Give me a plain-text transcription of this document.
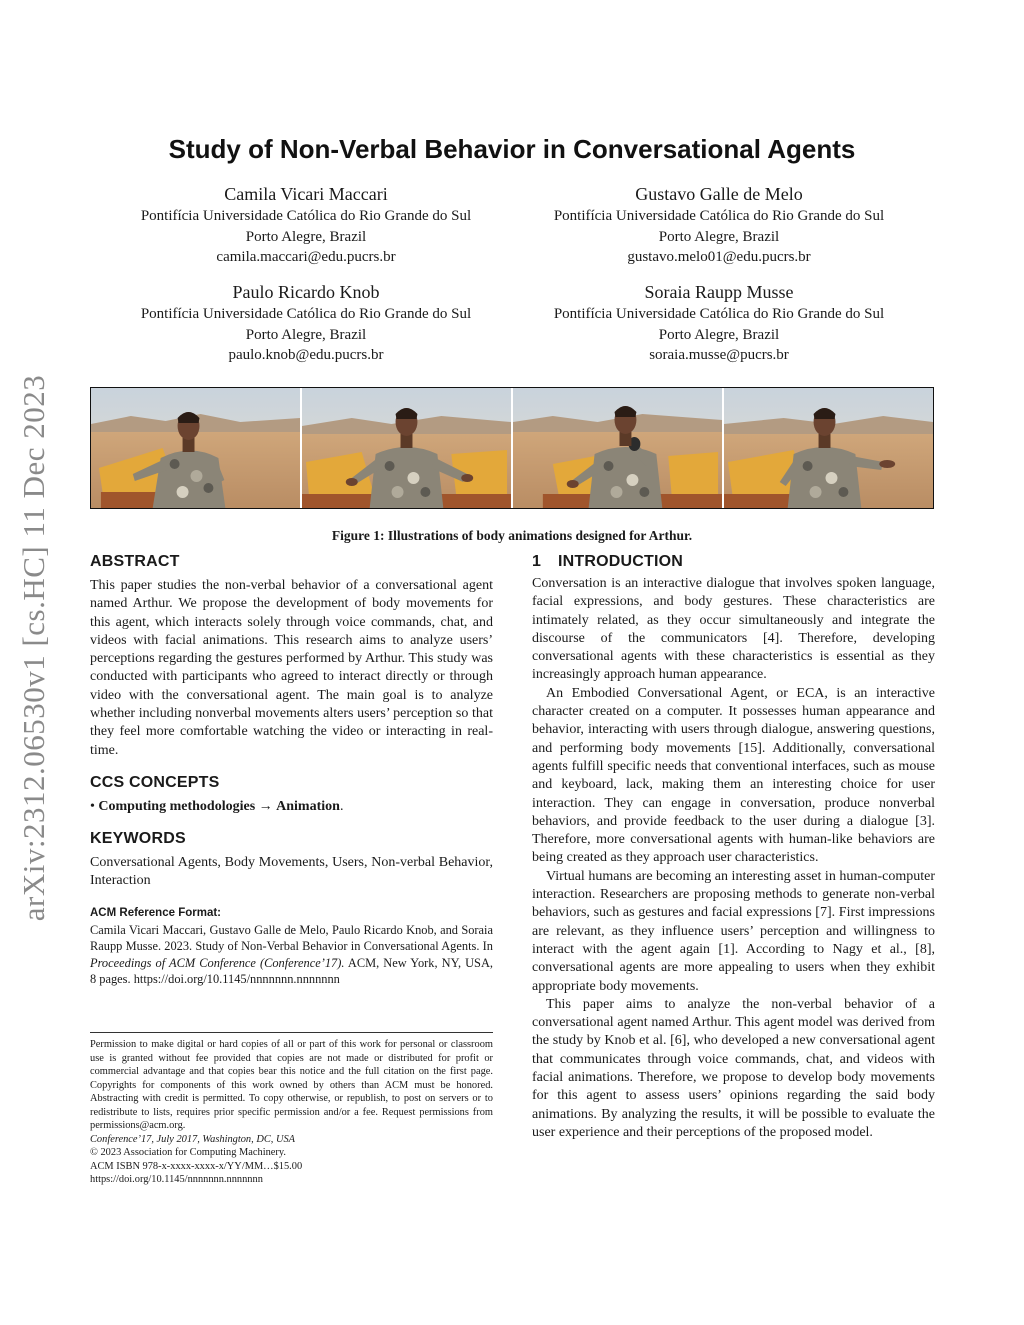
arXiv:2312.06530v1 [cs.HC] 11 Dec 2023
Study of Non-Verbal Behavior in Conversational Agents
Camila Vicari Maccari
Pontifícia Universidade Católica do Rio Grande do Sul
Porto Alegre, Brazil
camila.maccari@edu.pucrs.br
Gustavo Galle de Melo
Pontifícia Universidade Católica do Rio Grande do Sul
Porto Alegre, Brazil
gustavo.melo01@edu.pucrs.br
Paulo Ricardo Knob
Pontifícia Universidade Católica do Rio Grande do Sul
Porto Alegre, Brazil
paulo.knob@edu.pucrs.br
Soraia Raupp Musse
Pontifícia Universidade Católica do Rio Grande do Sul
Porto Alegre, Brazil
soraia.musse@pucrs.br
Figure 1: Illustrations of body animations designed for Arthur.
ABSTRACT

This paper studies the non-verbal behavior of a conversational agent named Arthur. We propose the development of body movements for this agent, which interacts solely through voice commands, chat, and videos with facial animations. This research aims to analyze users’ perceptions regarding the gestures performed by Arthur. This study was conducted with participants who agreed to interact directly or through video with the conversational agent. The main goal is to analyze whether including nonverbal movements alters users’ perception so that they feel more comfortable watching the video or interacting in real-time.

CCS CONCEPTS
• Computing methodologies → Animation.
KEYWORDS

Conversational Agents, Body Movements, Users, Non-verbal Behavior, Interaction

ACM Reference Format:
Camila Vicari Maccari, Gustavo Galle de Melo, Paulo Ricardo Knob, and Soraia Raupp Musse. 2023. Study of Non-Verbal Behavior in Conversational Agents. In Proceedings of ACM Conference (Conference’17). ACM, New York, NY, USA, 8 pages. https://doi.org/10.1145/nnnnnnn.nnnnnnn
Permission to make digital or hard copies of all or part of this work for personal or classroom use is granted without fee provided that copies are not made or distributed for profit or commercial advantage and that copies bear this notice and the full citation on the first page. Copyrights for components of this work owned by others than ACM must be honored. Abstracting with credit is permitted. To copy otherwise, or republish, to post on servers or to redistribute to lists, requires prior specific permission and/or a fee. Request permissions from permissions@acm.org.
Conference’17, July 2017, Washington, DC, USA
© 2023 Association for Computing Machinery.
ACM ISBN 978-x-xxxx-xxxx-x/YY/MM…$15.00
https://doi.org/10.1145/nnnnnnn.nnnnnnn
1 INTRODUCTION

Conversation is an interactive dialogue that involves spoken language, facial expressions, and body gestures. These characteristics are intimately related, as they occur simultaneously and integrate the discourse of the communicators [4]. Therefore, developing conversational agents with these characteristics is essential as they increasingly approach human appearance.

An Embodied Conversational Agent, or ECA, is an interactive character created on a computer. It possesses human appearance and behavior, interacting with users through dialogue, answering questions, and performing body movements [15]. Additionally, conversational agents fulfill specific needs that conventional interfaces, such as mouse and keyboard, lack, making them an interesting choice for user interaction. They can engage in conversation, produce nonverbal behaviors, and provide feedback to the user during a dialogue [3]. Therefore, more conversational agents with human-like behaviors are being created as they approach user characteristics.

Virtual humans are becoming an interesting asset in human-computer interaction. Researchers are proposing methods to generate non-verbal behaviors, such as gestures and facial expressions [7]. First impressions are relevant, as they influence users’ perception and willingness to interact with the agent again [1]. According to Nagy et al., [8], conversational agents are more appealing to users when they exhibit appropriate body movements.

This paper aims to analyze the non-verbal behavior of a conversational agent named Arthur. This agent model was derived from the study by Knob et al. [6], who developed a new conversational agent that communicates through voice commands, chat, and videos with facial animations. Therefore, we propose to develop body movements for this agent to assess users’ opinions regarding the said body animations. By analyzing the results, it will be possible to evaluate the user experience and their perceptions of the proposed model.
